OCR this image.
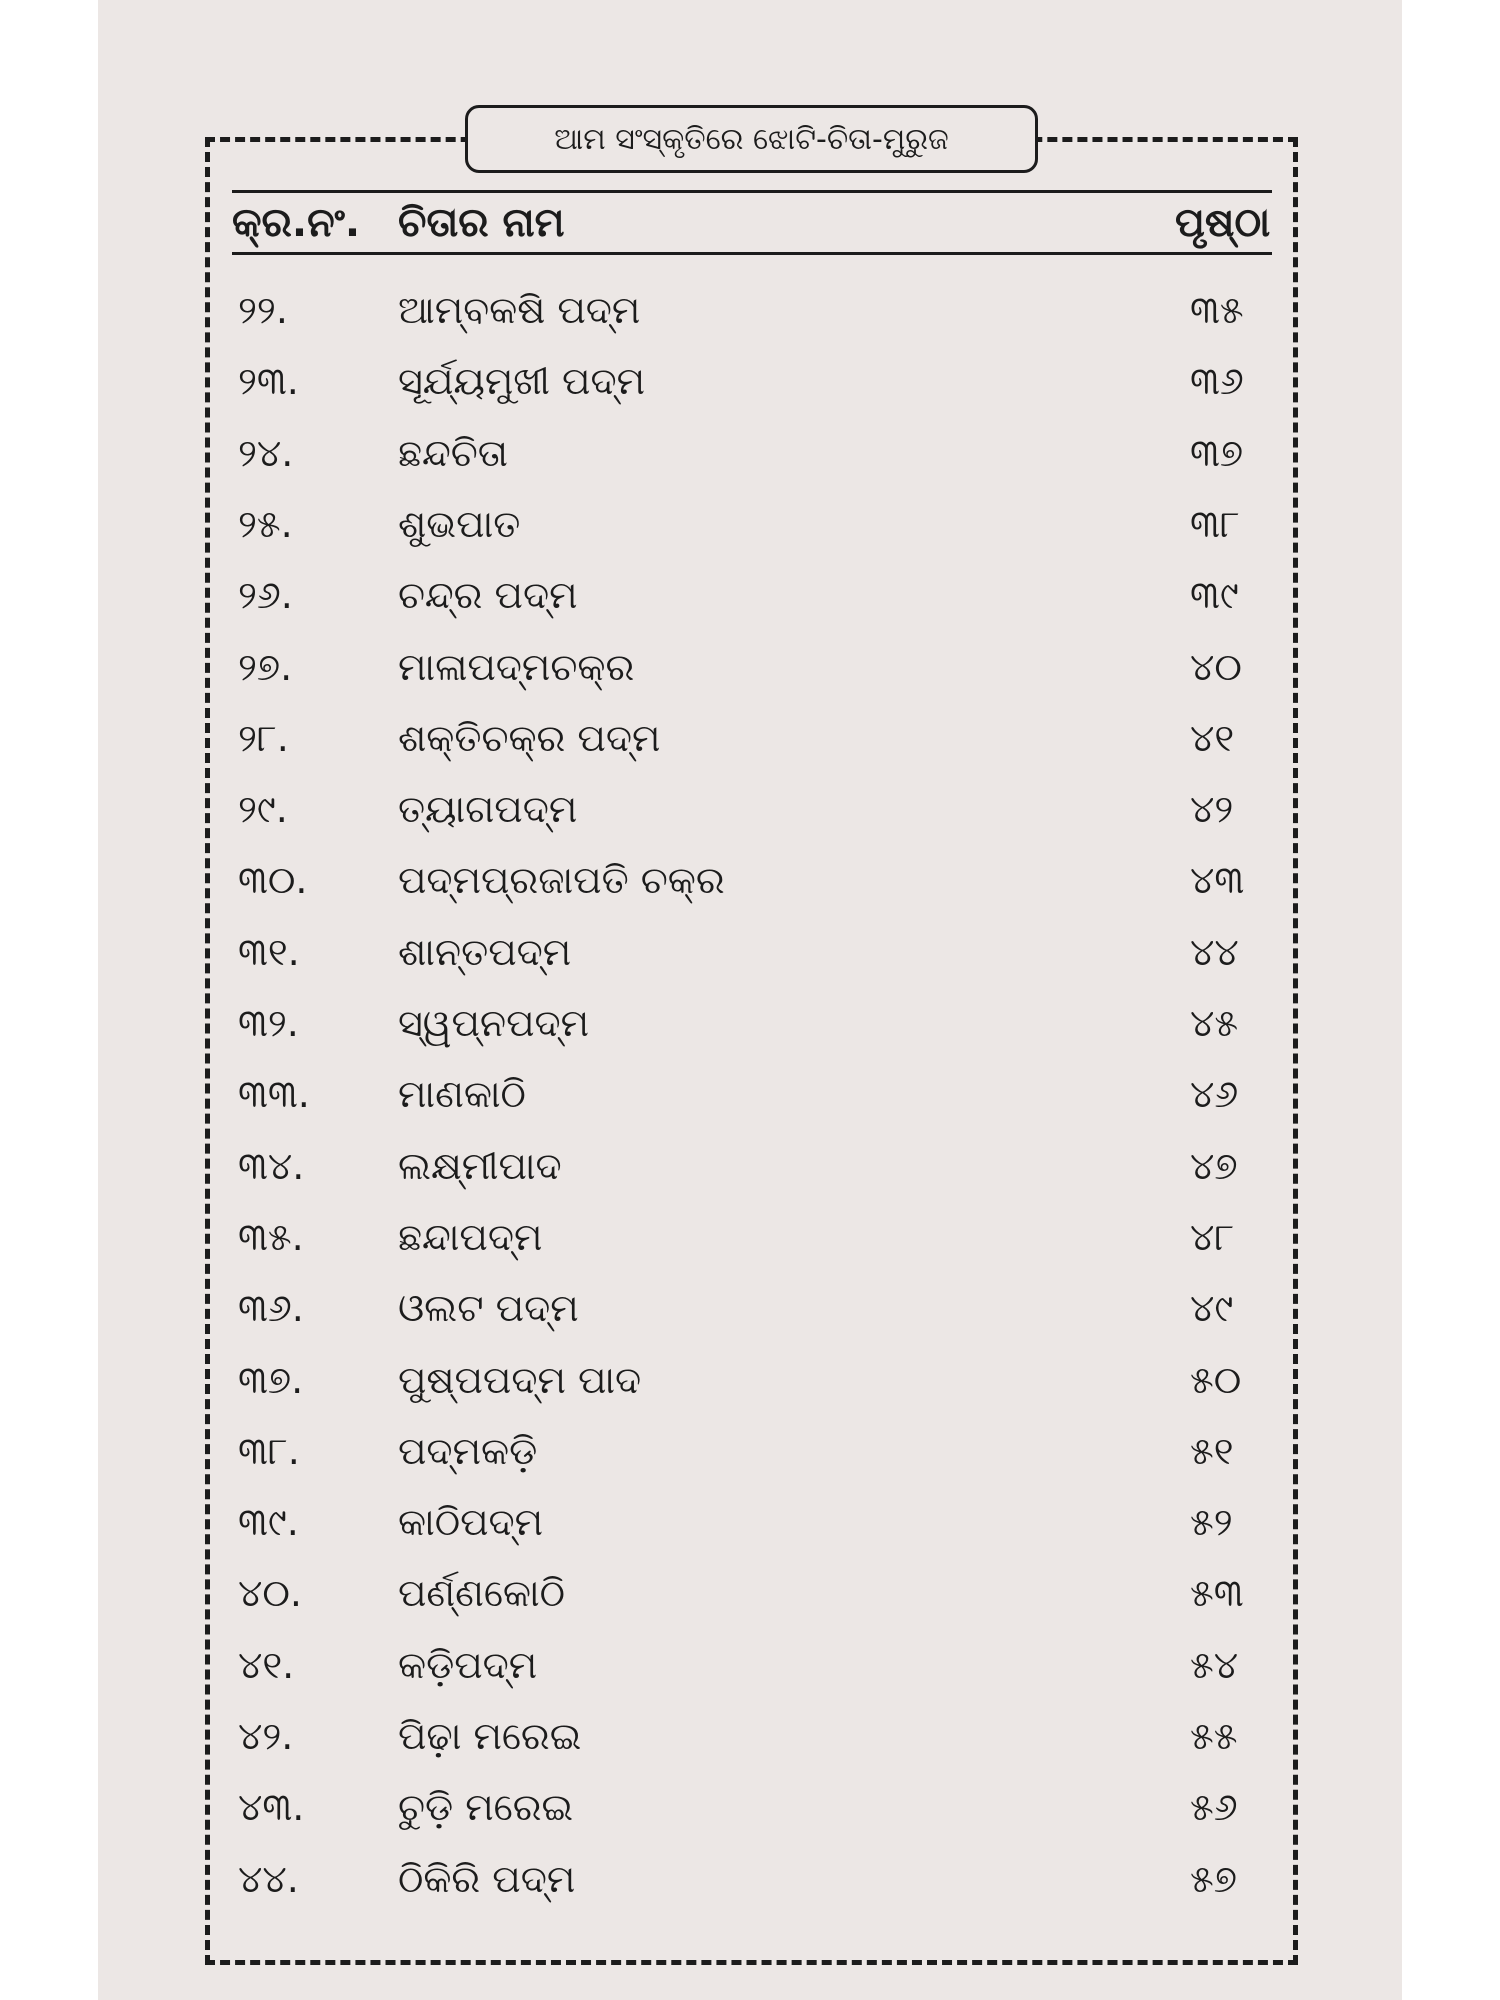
ଆମ ସଂସ୍କୃତିରେ ଝୋଟି-ଚିତା-ମୁରୁଜ
କ୍ର.ନଂ. ଚିତାର ନାମ	ପୃଷ୍ଠା
୨୨.	ଆମ୍ବକଷି ପଦ୍ମ	୩୫
୨୩.	ସୂର୍ଯ୍ୟମୁଖୀ ପଦ୍ମ	୩୬
୨୪.	ଛନ୍ଦଚିତା	୩୭
୨୫.	ଶୁଭପାତ	୩୮
୨୬.	ଚନ୍ଦ୍ର ପଦ୍ମ	୩୯
୨୭.	ମାଳାପଦ୍ମଚକ୍ର	୪୦
୨୮.	ଶକ୍ତିଚକ୍ର ପଦ୍ମ	୪୧
୨୯.	ତ୍ୟାଗପଦ୍ମ	୪୨
୩୦. ପଦ୍ମପ୍ରଜାପତି ଚକ୍ର	୪୩
୩୧.	ଶାନ୍ତପଦ୍ମ	୪୪
୩୨.	ସ୍ୱପ୍ନପଦ୍ମ	୪୫
୩୩. ମାଣକାଠି	୪୬
୩୪. ଲକ୍ଷ୍ମୀପାଦ	୪୭
୩୫. ଛନ୍ଦାପଦ୍ମ	୪୮
୩୬. ଓଲଟ ପଦ୍ମ	୪୯
୩୭. ପୁଷ୍ପପଦ୍ମ ପାଦ	୫୦
୩୮.	ପଦ୍ମକଡ଼ି	୫୧
୩୯.	କାଠିପଦ୍ମ	୫୨
୪୦.	ପର୍ଣ୍ଣକୋଠି	୫୩
୪୧.	କଡ଼ିପଦ୍ମ	୫୪
୪୨.	ପିଢ଼ା ମରେଇ	୫୫
୪୩. ଚୁଡ଼ି ମରେଇ	୫୬
୪୪.	ଠିକିରି ପଦ୍ମ	୫୭
